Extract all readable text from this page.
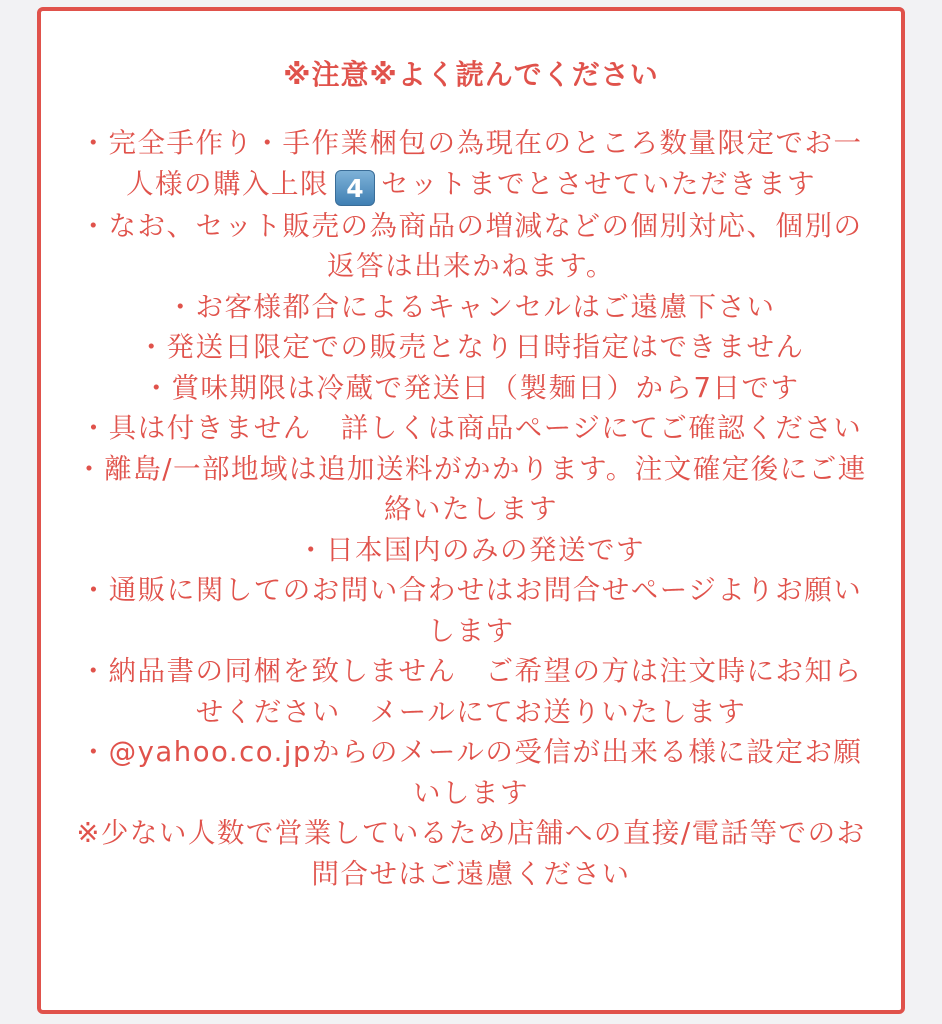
※注意※よく読んでください
・完全手作り・手作業梱包の為現在のところ数量限定でお一人様の購入上限 4 セットまでとさせていただきます
・なお、セット販売の為商品の増減などの個別対応、個別の返答は出来かねます。
・お客様都合によるキャンセルはご遠慮下さい
・発送日限定での販売となり日時指定はできません
・賞味期限は冷蔵で発送日（製麺日）から7日です
・具は付きません　詳しくは商品ページにてご確認ください
・離島/一部地域は追加送料がかかります。注文確定後にご連絡いたします
・日本国内のみの発送です
・通販に関してのお問い合わせはお問合せページよりお願いします
・納品書の同梱を致しません　ご希望の方は注文時にお知らせください　メールにてお送りいたします
・@yahoo.co.jpからのメールの受信が出来る様に設定お願いします
※少ない人数で営業しているため店舗への直接/電話等でのお問合せはご遠慮ください
